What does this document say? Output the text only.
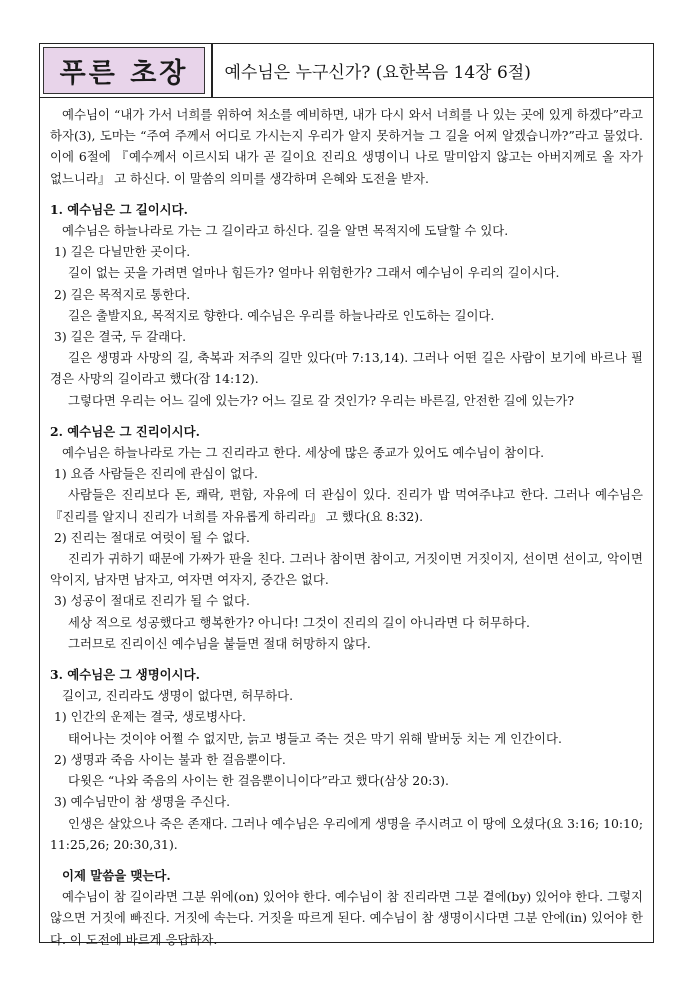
푸른 초장	예수님은 누구신가? (요한복음 14장 6절)

예수님이 “내가 가서 너희를 위하여 처소를 예비하면, 내가 다시 와서 너희를 나 있는 곳에 있게 하겠다”라고 하자(3), 도마는 “주여 주께서 어디로 가시는지 우리가 알지 못하거늘 그 길을 어찌 알겠습니까?”라고 물었다. 이에 6절에 『예수께서 이르시되 내가 곧 길이요 진리요 생명이니 나로 말미암지 않고는 아버지께로 올 자가 없느니라』 고 하신다. 이 말씀의 의미를 생각하며 은혜와 도전을 받자.

1. 예수님은 그 길이시다.

예수님은 하늘나라로 가는 그 길이라고 하신다. 길을 알면 목적지에 도달할 수 있다.

1) 길은 다닐만한 곳이다.

길이 없는 곳을 가려면 얼마나 힘든가? 얼마나 위험한가? 그래서 예수님이 우리의 길이시다.

2) 길은 목적지로 통한다.

길은 출발지요, 목적지로 향한다. 예수님은 우리를 하늘나라로 인도하는 길이다.

3) 길은 결국, 두 갈래다.

길은 생명과 사망의 길, 축복과 저주의 길만 있다(마 7:13,14). 그러나 어떤 길은 사람이 보기에 바르나 필경은 사망의 길이라고 했다(잠 14:12).

그렇다면 우리는 어느 길에 있는가? 어느 길로 갈 것인가? 우리는 바른길, 안전한 길에 있는가?

2. 예수님은 그 진리이시다.

예수님은 하늘나라로 가는 그 진리라고 한다. 세상에 많은 종교가 있어도 예수님이 참이다.

1) 요즘 사람들은 진리에 관심이 없다.

사람들은 진리보다 돈, 쾌락, 편함, 자유에 더 관심이 있다. 진리가 밥 먹여주냐고 한다. 그러나 예수님은 『진리를 알지니 진리가 너희를 자유롭게 하리라』 고 했다(요 8:32).

2) 진리는 절대로 여럿이 될 수 없다.

진리가 귀하기 때문에 가짜가 판을 친다. 그러나 참이면 참이고, 거짓이면 거짓이지, 선이면 선이고, 악이면 악이지, 남자면 남자고, 여자면 여자지, 중간은 없다.

3) 성공이 절대로 진리가 될 수 없다.

세상 적으로 성공했다고 행복한가? 아니다! 그것이 진리의 길이 아니라면 다 허무하다.

그러므로 진리이신 예수님을 붙들면 절대 허망하지 않다.

3. 예수님은 그 생명이시다.

길이고, 진리라도 생명이 없다면, 허무하다.

1) 인간의 운제는 결국, 생로병사다.

태어나는 것이야 어쩔 수 없지만, 늙고 병들고 죽는 것은 막기 위해 발버둥 치는 게 인간이다.

2) 생명과 죽음 사이는 불과 한 걸음뿐이다.

다윗은 “나와 죽음의 사이는 한 걸음뿐이니이다”라고 했다(삼상 20:3).

3) 예수님만이 참 생명을 주신다.

인생은 살았으나 죽은 존재다. 그러나 예수님은 우리에게 생명을 주시려고 이 땅에 오셨다(요 3:16; 10:10; 11:25,26; 20:30,31).

이제 말씀을 맺는다.

예수님이 참 길이라면 그분 위에(on) 있어야 한다. 예수님이 참 진리라면 그분 곁에(by) 있어야 한다. 그렇지 않으면 거짓에 빠진다. 거짓에 속는다. 거짓을 따르게 된다. 예수님이 참 생명이시다면 그분 안에(in) 있어야 한다. 이 도전에 바르게 응답하자.
